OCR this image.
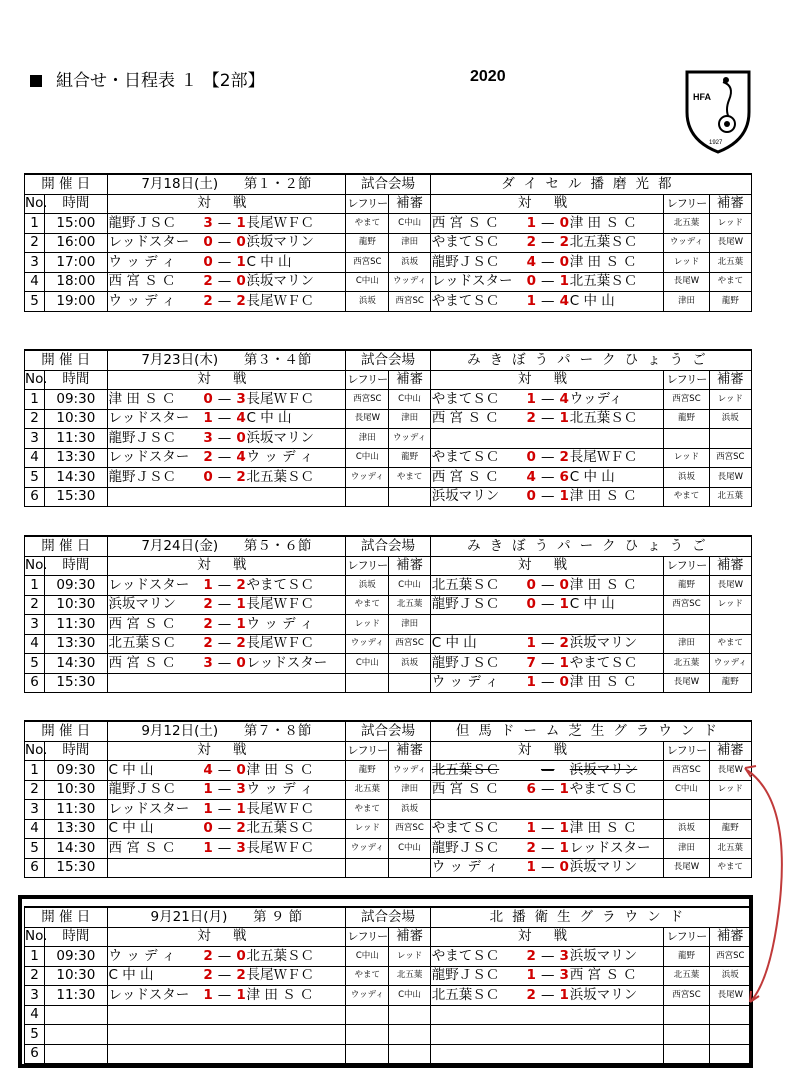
組合せ・日程表 １ 【2部】	2020
HFA
1927
開 催 日		7月18日(土) 第１・２節	試合会場		ダイセル播磨光都		
No.	時間	対 戦	レフリー	補審	対 戦	レフリー	補審
1	15:00	龍野ＪＳＣ 3 — 1 長尾ＷＦＣ	やまて	C中山	西 宮 Ｓ Ｃ 1 — 0 津 田 Ｓ Ｃ	北五葉	レッド
2	16:00	レッドスター 0 — 0 浜坂マリン	龍野	津田	やまてＳＣ 2 — 2 北五葉ＳＣ	ウッディ	長尾W
3	17:00	ウ ッ デ ィ 0 — 1 C 中 山	西宮SC	浜坂	龍野ＪＳＣ 4 — 0 津 田 Ｓ Ｃ	レッド	北五葉
4	18:00	西 宮 Ｓ Ｃ 2 — 0 浜坂マリン	C中山	ウッディ	レッドスター 0 — 1 北五葉ＳＣ	長尾W	やまて
5	19:00	ウ ッ デ ィ 2 — 2 長尾ＷＦＣ	浜坂	西宮SC	やまてＳＣ 1 — 4 C 中 山	津田	龍野
開 催 日		7月23日(木) 第３・４節	試合会場		みきぼうパークひょうご		
No.	時間	対 戦	レフリー	補審	対 戦	レフリー	補審
1	09:30	津 田 Ｓ Ｃ 0 — 3 長尾ＷＦＣ	西宮SC	C中山	やまてＳＣ 1 — 4 ウッディ	西宮SC	レッド
2	10:30	レッドスター 1 — 4 C 中 山	長尾W	津田	西 宮 Ｓ Ｃ 2 — 1 北五葉ＳＣ	龍野	浜坂
3	11:30	龍野ＪＳＣ 3 — 0 浜坂マリン	津田	ウッディ			
4	13:30	レッドスター 2 — 4 ウ ッ デ ィ	C中山	龍野	やまてＳＣ 0 — 2 長尾ＷＦＣ	レッド	西宮SC
5	14:30	龍野ＪＳＣ 0 — 2 北五葉ＳＣ	ウッディ	やまて	西 宮 Ｓ Ｃ 4 — 6 C 中 山	浜坂	長尾W
6	15:30				浜坂マリン 0 — 1 津 田 Ｓ Ｃ	やまて	北五葉
開 催 日		7月24日(金) 第５・６節	試合会場		みきぼうパークひょうご		
No.	時間	対 戦	レフリー	補審	対 戦	レフリー	補審
1	09:30	レッドスター 1 — 2 やまてＳＣ	浜坂	C中山	北五葉ＳＣ 0 — 0 津 田 Ｓ Ｃ	龍野	長尾W
2	10:30	浜坂マリン 2 — 1 長尾ＷＦＣ	やまて	北五葉	龍野ＪＳＣ 0 — 1 C 中 山	西宮SC	レッド
3	11:30	西 宮 Ｓ Ｃ 2 — 1 ウ ッ デ ィ	レッド	津田			
4	13:30	北五葉ＳＣ 2 — 2 長尾ＷＦＣ	ウッディ	西宮SC	C 中 山 1 — 2 浜坂マリン	津田	やまて
5	14:30	西 宮 Ｓ Ｃ 3 — 0 レッドスター	C中山	浜坂	龍野ＪＳＣ 7 — 1 やまてＳＣ	北五葉	ウッディ
6	15:30				ウ ッ デ ィ 1 — 0 津 田 Ｓ Ｃ	長尾W	龍野
開 催 日		9月12日(土) 第７・８節	試合会場		但馬ドーム芝生グラウンド		
No.	時間	対 戦	レフリー	補審	対 戦	レフリー	補審
1	09:30	C 中 山 4 — 0 津 田 Ｓ Ｃ	龍野	ウッディ	北五葉ＳＣ — 浜坂マリン	西宮SC	長尾W
2	10:30	龍野ＪＳＣ 1 — 3 ウ ッ デ ィ	北五葉	津田	西 宮 Ｓ Ｃ 6 — 1 やまてＳＣ	C中山	レッド
3	11:30	レッドスター 1 — 1 長尾ＷＦＣ	やまて	浜坂			
4	13:30	C 中 山 0 — 2 北五葉ＳＣ	レッド	西宮SC	やまてＳＣ 1 — 1 津 田 Ｓ Ｃ	浜坂	龍野
5	14:30	西 宮 Ｓ Ｃ 1 — 3 長尾ＷＦＣ	ウッディ	C中山	龍野ＪＳＣ 2 — 1 レッドスター	津田	北五葉
6	15:30				ウ ッ デ ィ 1 — 0 浜坂マリン	長尾W	やまて
開 催 日		9月21日(月) 第 ９ 節	試合会場		北播衛生グラウンド		
No.	時間	対 戦	レフリー	補審	対 戦	レフリー	補審
1	09:30	ウ ッ デ ィ 2 — 0 北五葉ＳＣ	C中山	レッド	やまてＳＣ 2 — 3 浜坂マリン	龍野	西宮SC
2	10:30	C 中 山 2 — 2 長尾ＷＦＣ	やまて	北五葉	龍野ＪＳＣ 1 — 3 西 宮 Ｓ Ｃ	北五葉	浜坂
3	11:30	レッドスター 1 — 1 津 田 Ｓ Ｃ	ウッディ	C中山	北五葉ＳＣ 2 — 1 浜坂マリン	西宮SC	長尾W
4							
5							
6							
